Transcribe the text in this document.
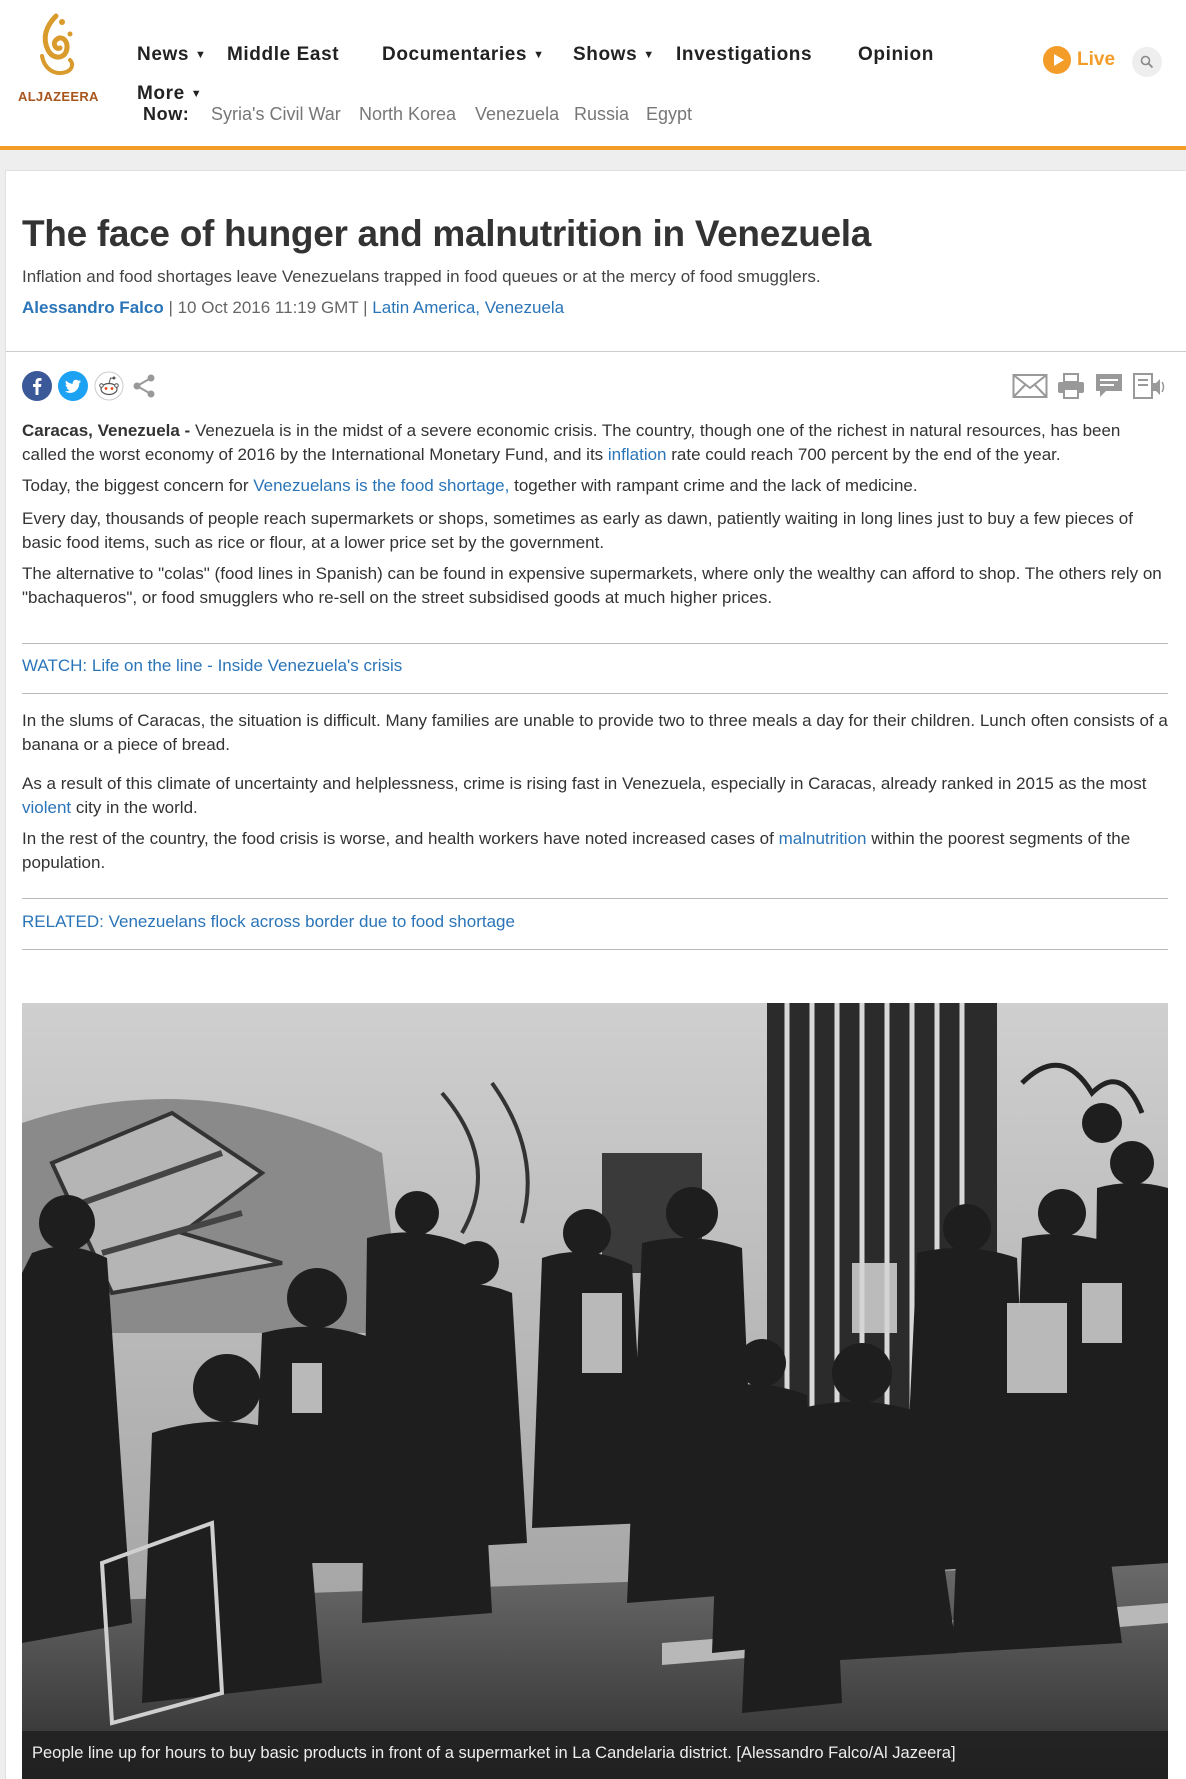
ALJAZEERA
News ▼ Middle East Documentaries ▼ Shows ▼ Investigations Opinion
More ▼
Now: Syria's Civil War North Korea Venezuela Russia Egypt
Live
The face of hunger and malnutrition in Venezuela
Inflation and food shortages leave Venezuelans trapped in food queues or at the mercy of food smugglers.
Alessandro Falco | 10 Oct 2016 11:19 GMT | Latin America, Venezuela

Caracas, Venezuela - Venezuela is in the midst of a severe economic crisis. The country, though one of the richest in natural resources, has been called the worst economy of 2016 by the International Monetary Fund, and its inflation rate could reach 700 percent by the end of the year.

Today, the biggest concern for Venezuelans is the food shortage, together with rampant crime and the lack of medicine.

Every day, thousands of people reach supermarkets or shops, sometimes as early as dawn, patiently waiting in long lines just to buy a few pieces of basic food items, such as rice or flour, at a lower price set by the government.

The alternative to "colas" (food lines in Spanish) can be found in expensive supermarkets, where only the wealthy can afford to shop. The others rely on "bachaqueros", or food smugglers who re-sell on the street subsidised goods at much higher prices.

WATCH: Life on the line - Inside Venezuela's crisis

In the slums of Caracas, the situation is difficult. Many families are unable to provide two to three meals a day for their children. Lunch often consists of a banana or a piece of bread.

As a result of this climate of uncertainty and helplessness, crime is rising fast in Venezuela, especially in Caracas, already ranked in 2015 as the most violent city in the world.

In the rest of the country, the food crisis is worse, and health workers have noted increased cases of malnutrition within the poorest segments of the population.

RELATED: Venezuelans flock across border due to food shortage
People line up for hours to buy basic products in front of a supermarket in La Candelaria district. [Alessandro Falco/Al Jazeera]
